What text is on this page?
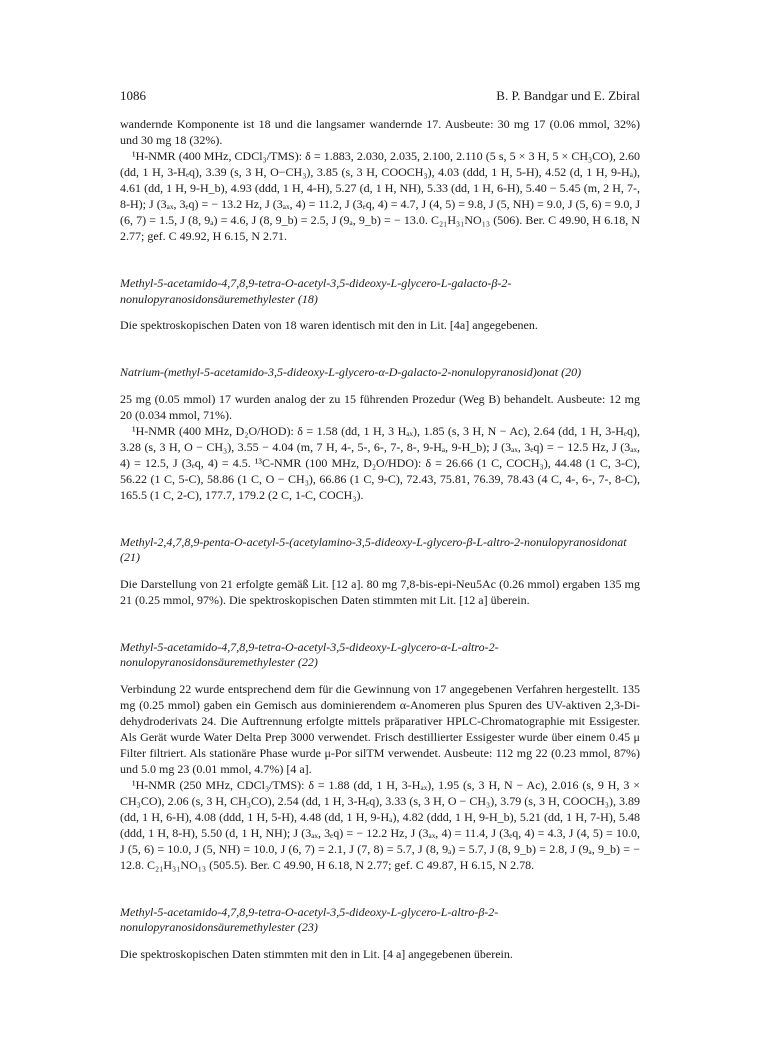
1086	B. P. Bandgar und E. Zbiral

wandernde Komponente ist 18 und die langsamer wandernde 17. Ausbeute: 30 mg 17 (0.06 mmol, 32%) und 30 mg 18 (32%).

¹H-NMR (400 MHz, CDCl₃/TMS): δ = 1.883, 2.030, 2.035, 2.100, 2.110 (5 s, 5 × 3 H, 5 × CH₃CO), 2.60 (dd, 1 H, 3-Hₑq), 3.39 (s, 3 H, O−CH₃), 3.85 (s, 3 H, COOCH₃), 4.03 (ddd, 1 H, 5-H), 4.52 (d, 1 H, 9-Hₐ), 4.61 (dd, 1 H, 9-H_b), 4.93 (ddd, 1 H, 4-H), 5.27 (d, 1 H, NH), 5.33 (dd, 1 H, 6-H), 5.40 − 5.45 (m, 2 H, 7-, 8-H); J (3ₐₓ, 3ₑq) = − 13.2 Hz, J (3ₐₓ, 4) = 11.2, J (3ₑq, 4) = 4.7, J (4, 5) = 9.8, J (5, NH) = 9.0, J (5, 6) = 9.0, J (6, 7) = 1.5, J (8, 9ₐ) = 4.6, J (8, 9_b) = 2.5, J (9ₐ, 9_b) = − 13.0. C₂₁H₃₁NO₁₃ (506). Ber. C 49.90, H 6.18, N 2.77; gef. C 49.92, H 6.15, N 2.71.

Methyl-5-acetamido-4,7,8,9-tetra-O-acetyl-3,5-dideoxy-L-glycero-L-galacto-β-2-nonulopyranosidonsäuremethylester (18)

Die spektroskopischen Daten von 18 waren identisch mit den in Lit. [4a] angegebenen.

Natrium-(methyl-5-acetamido-3,5-dideoxy-L-glycero-α-D-galacto-2-nonulopyranosid)onat (20)

25 mg (0.05 mmol) 17 wurden analog der zu 15 führenden Prozedur (Weg B) behandelt. Ausbeute: 12 mg 20 (0.034 mmol, 71%).

¹H-NMR (400 MHz, D₂O/HOD): δ = 1.58 (dd, 1 H, 3 Hₐₓ), 1.85 (s, 3 H, N − Ac), 2.64 (dd, 1 H, 3-Hₑq), 3.28 (s, 3 H, O − CH₃), 3.55 − 4.04 (m, 7 H, 4-, 5-, 6-, 7-, 8-, 9-Hₐ, 9-H_b); J (3ₐₓ, 3ₑq) = − 12.5 Hz, J (3ₐₓ, 4) = 12.5, J (3ₑq, 4) = 4.5. ¹³C-NMR (100 MHz, D₂O/HDO): δ = 26.66 (1 C, COCH₃), 44.48 (1 C, 3-C), 56.22 (1 C, 5-C), 58.86 (1 C, O − CH₃), 66.86 (1 C, 9-C), 72.43, 75.81, 76.39, 78.43 (4 C, 4-, 6-, 7-, 8-C), 165.5 (1 C, 2-C), 177.7, 179.2 (2 C, 1-C, COCH₃).

Methyl-2,4,7,8,9-penta-O-acetyl-5-(acetylamino-3,5-dideoxy-L-glycero-β-L-altro-2-nonulopyranosidonat (21)

Die Darstellung von 21 erfolgte gemäß Lit. [12 a]. 80 mg 7,8-bis-epi-Neu5Ac (0.26 mmol) ergaben 135 mg 21 (0.25 mmol, 97%). Die spektroskopischen Daten stimmten mit Lit. [12 a] überein.

Methyl-5-acetamido-4,7,8,9-tetra-O-acetyl-3,5-dideoxy-L-glycero-α-L-altro-2-nonulopyranosidonsäuremethylester (22)

Verbindung 22 wurde entsprechend dem für die Gewinnung von 17 angegebenen Verfahren hergestellt. 135 mg (0.25 mmol) gaben ein Gemisch aus dominierendem α-Anomeren plus Spuren des UV-aktiven 2,3-Di-dehydroderivats 24. Die Auftrennung erfolgte mittels präparativer HPLC-Chromatographie mit Essigester. Als Gerät wurde Water Delta Prep 3000 verwendet. Frisch destillierter Essigester wurde über einem 0.45 μ Filter filtriert. Als stationäre Phase wurde μ-Por silTM verwendet. Ausbeute: 112 mg 22 (0.23 mmol, 87%) und 5.0 mg 23 (0.01 mmol, 4.7%) [4 a].

¹H-NMR (250 MHz, CDCl₃/TMS): δ = 1.88 (dd, 1 H, 3-Hₐₓ), 1.95 (s, 3 H, N − Ac), 2.016 (s, 9 H, 3 × CH₃CO), 2.06 (s, 3 H, CH₃CO), 2.54 (dd, 1 H, 3-Hₑq), 3.33 (s, 3 H, O − CH₃), 3.79 (s, 3 H, COOCH₃), 3.89 (dd, 1 H, 6-H), 4.08 (ddd, 1 H, 5-H), 4.48 (dd, 1 H, 9-Hₐ), 4.82 (ddd, 1 H, 9-H_b), 5.21 (dd, 1 H, 7-H), 5.48 (ddd, 1 H, 8-H), 5.50 (d, 1 H, NH); J (3ₐₓ, 3ₑq) = − 12.2 Hz, J (3ₐₓ, 4) = 11.4, J (3ₑq, 4) = 4.3, J (4, 5) = 10.0, J (5, 6) = 10.0, J (5, NH) = 10.0, J (6, 7) = 2.1, J (7, 8) = 5.7, J (8, 9ₐ) = 5.7, J (8, 9_b) = 2.8, J (9ₐ, 9_b) = − 12.8. C₂₁H₃₁NO₁₃ (505.5). Ber. C 49.90, H 6.18, N 2.77; gef. C 49.87, H 6.15, N 2.78.

Methyl-5-acetamido-4,7,8,9-tetra-O-acetyl-3,5-dideoxy-L-glycero-L-altro-β-2-nonulopyranosidonsäuremethylester (23)

Die spektroskopischen Daten stimmten mit den in Lit. [4 a] angegebenen überein.
